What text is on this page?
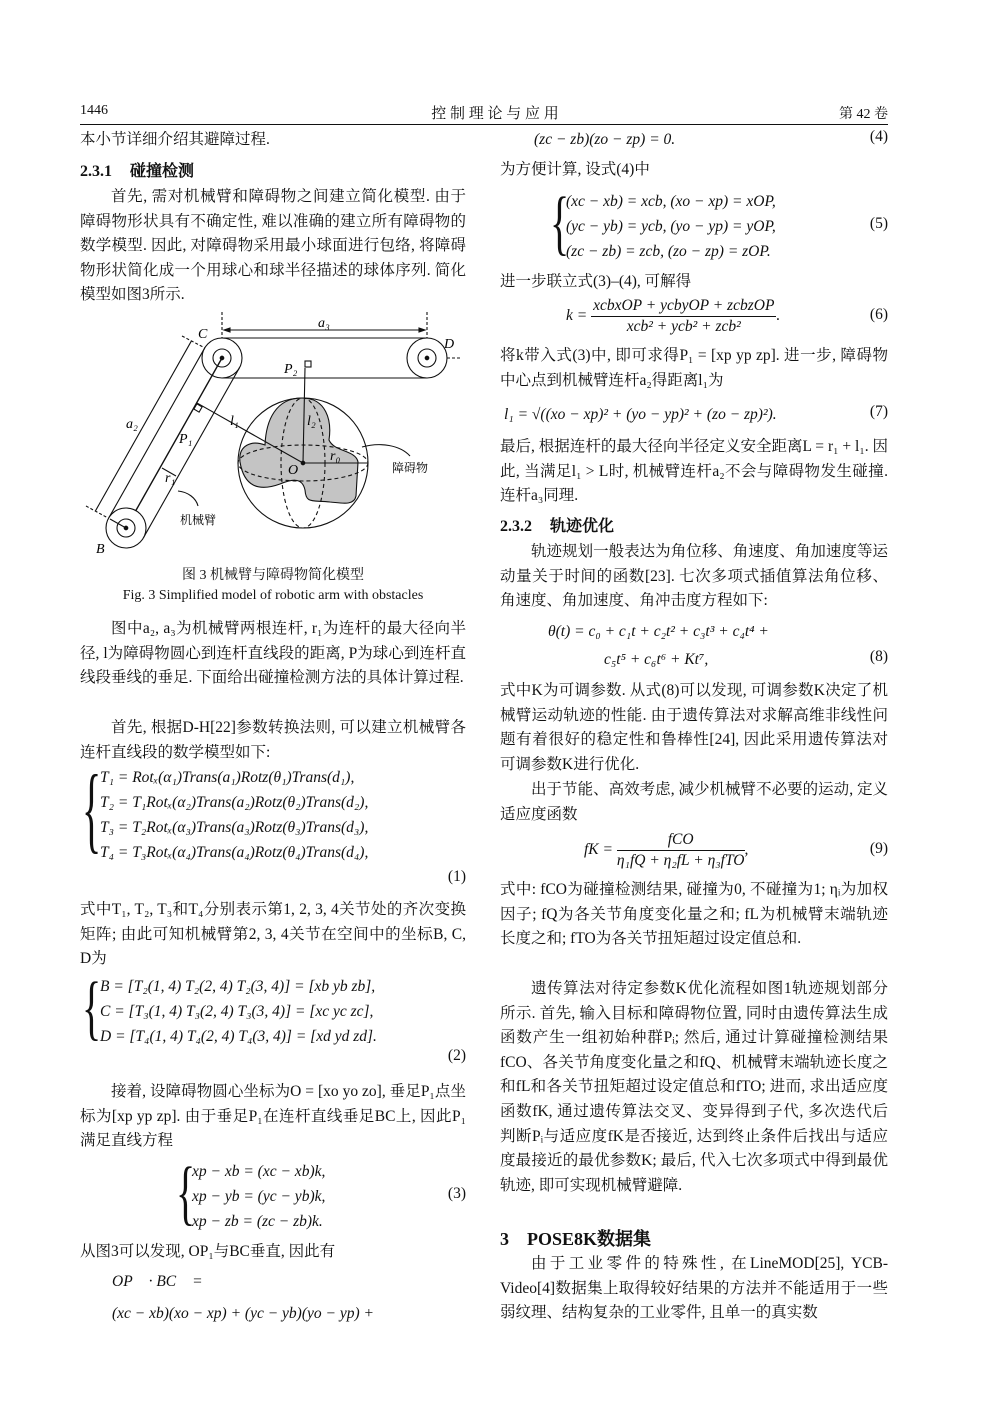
1446	控 制 理 论 与 应 用	第 42 卷
本小节详细介绍其避障过程.
2.3.1 碰撞检测
首先, 需对机械臂和障碍物之间建立简化模型. 由于障碍物形状具有不确定性, 难以准确的建立所有障碍物的数学模型. 因此, 对障碍物采用最小球面进行包络, 将障碍物形状简化成一个用球心和球半径描述的球体序列. 简化模型如图3所示.
C
D
B
a₃
a₂
P₂
P₁
l₁	l₂
r₀
r₁
O	障碍物
机械臂
图 3 机械臂与障碍物简化模型
Fig. 3 Simplified model of robotic arm with obstacles
图中a₂, a₃为机械臂两根连杆, r₁为连杆的最大径向半径, l为障碍物圆心到连杆直线段的距离, P为球心到连杆直线段垂线的垂足. 下面给出碰撞检测方法的具体计算过程.
首先, 根据D-H[22]参数转换法则, 可以建立机械臂各连杆直线段的数学模型如下:
{
T₁ = Rotₓ(α₁)Trans(a₁)Rotz(θ₁)Trans(d₁),
T₂ = T₁Rotₓ(α₂)Trans(a₂)Rotz(θ₂)Trans(d₂),
T₃ = T₂Rotₓ(α₃)Trans(a₃)Rotz(θ₃)Trans(d₃),
T₄ = T₃Rotₓ(α₄)Trans(a₄)Rotz(θ₄)Trans(d₄),
(1)
式中T₁, T₂, T₃和T₄分别表示第1, 2, 3, 4关节处的齐次变换矩阵; 由此可知机械臂第2, 3, 4关节在空间中的坐标B, C, D为
{
B = [T₂(1, 4) T₂(2, 4) T₂(3, 4)] = [xb yb zb],
C = [T₃(1, 4) T₃(2, 4) T₃(3, 4)] = [xc yc zc],
D = [T₄(1, 4) T₄(2, 4) T₄(3, 4)] = [xd yd zd].
(2)
接着, 设障碍物圆心坐标为O = [xo yo zo], 垂足P₁点坐标为[xp yp zp]. 由于垂足P₁在连杆直线垂足BC上, 因此P₁满足直线方程
{
xp − xb = (xc − xb)k,
xp − yb = (yc − yb)k,
xp − zb = (zc − zb)k.
(3)
从图3可以发现, OP₁与BC垂直, 因此有
OP⃗ · BC⃗ =
(xc − xb)(xo − xp) + (yc − yb)(yo − yp) +
(zc − zb)(zo − zp) = 0.	(4)
为方便计算, 设式(4)中
{
(xc − xb) = xcb, (xo − xp) = xOP,
(yc − yb) = ycb, (yo − yp) = yOP,
(zc − zb) = zcb, (zo − zp) = zOP.
(5)
进一步联立式(3)–(4), 可解得
$k = \frac{\text{xcbxOP + ycbyOP + zcbzOP}}{\text{xcb² + ycb² + zcb²}}$ .	(6)
将k带入式(3)中, 即可求得P₁ = [xp yp zp]. 进一步, 障碍物中心点到机械臂连杆a₂得距离l₁为
l₁ = √((xo − xp)² + (yo − yp)² + (zo − zp)²).	(7)
最后, 根据连杆的最大径向半径定义安全距离L = r₁ + l₁. 因此, 当满足l₁ > L时, 机械臂连杆a₂不会与障碍物发生碰撞. 连杆a₃同理.
2.3.2 轨迹优化
轨迹规划一般表达为角位移、角速度、角加速度等运动量关于时间的函数[23]. 七次多项式插值算法角位移、角速度、角加速度、角冲击度方程如下:
θ(t) = c₀ + c₁t + c₂t² + c₃t³ + c₄t⁴ +
c₅t⁵ + c₆t⁶ + Kt⁷,	(8)
式中K为可调参数. 从式(8)可以发现, 可调参数K决定了机械臂运动轨迹的性能. 由于遗传算法对求解高维非线性问题有着很好的稳定性和鲁棒性[24], 因此采用遗传算法对可调参数K进行优化.
出于节能、高效考虑, 减少机械臂不必要的运动, 定义适应度函数
fK = $\frac{\text{fCO}}{\text{η₁fQ + η₂fL + η₃fTO}}$ ,	(9)
式中: fCO为碰撞检测结果, 碰撞为0, 不碰撞为1; ηᵢ为加权因子; fQ为各关节角度变化量之和; fL为机械臂末端轨迹长度之和; fTO为各关节扭矩超过设定值总和.
遗传算法对待定参数K优化流程如图1轨迹规划部分所示. 首先, 输入目标和障碍物位置, 同时由遗传算法生成函数产生一组初始种群Pᵢ; 然后, 通过计算碰撞检测结果fCO、各关节角度变化量之和fQ、机械臂末端轨迹长度之和fL和各关节扭矩超过设定值总和fTO; 进而, 求出适应度函数fK, 通过遗传算法交叉、变异得到子代, 多次迭代后判断Pᵢ与适应度fK是否接近, 达到终止条件后找出与适应度最接近的最优参数K; 最后, 代入七次多项式中得到最优轨迹, 即可实现机械臂避障.
3 POSE8K数据集
由于工业零件的特殊性, 在LineMOD[25], YCB-Video[4]数据集上取得较好结果的方法并不能适用于一些弱纹理、结构复杂的工业零件, 且单一的真实数
